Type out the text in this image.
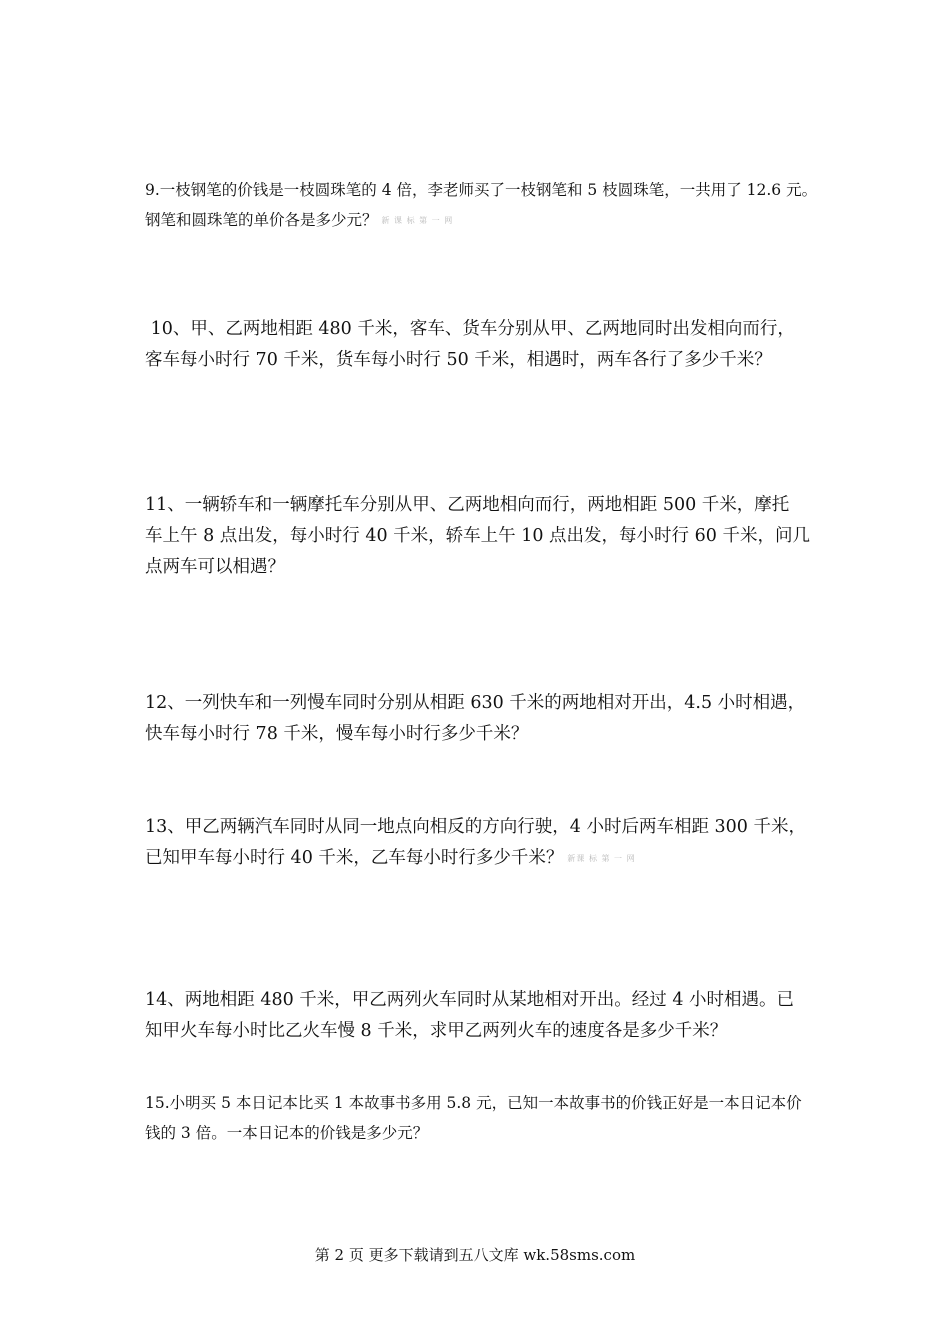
9.一枝钢笔的价钱是一枝圆珠笔的 4 倍，李老师买了一枝钢笔和 5 枝圆珠笔，一共用了 12.6 元。
钢笔和圆珠笔的单价各是多少元？ 新 课 标 第 一 网

10、甲、乙两地相距 480 千米，客车、货车分别从甲、乙两地同时出发相向而行，
客车每小时行 70 千米，货车每小时行 50 千米，相遇时，两车各行了多少千米？

11、一辆轿车和一辆摩托车分别从甲、乙两地相向而行，两地相距 500 千米，摩托
车上午 8 点出发，每小时行 40 千米，轿车上午 10 点出发，每小时行 60 千米，问几
点两车可以相遇？

12、一列快车和一列慢车同时分别从相距 630 千米的两地相对开出，4.5 小时相遇，
快车每小时行 78 千米，慢车每小时行多少千米？

13、甲乙两辆汽车同时从同一地点向相反的方向行驶，4 小时后两车相距 300 千米，
已知甲车每小时行 40 千米，乙车每小时行多少千米？ 新课 标 第 一 网

14、两地相距 480 千米，甲乙两列火车同时从某地相对开出。经过 4 小时相遇。已
知甲火车每小时比乙火车慢 8 千米，求甲乙两列火车的速度各是多少千米？

15.小明买 5 本日记本比买 1 本故事书多用 5.8 元，已知一本故事书的价钱正好是一本日记本价
钱的 3 倍。一本日记本的价钱是多少元？

第 2 页 更多下载请到五八文库 wk.58sms.com
